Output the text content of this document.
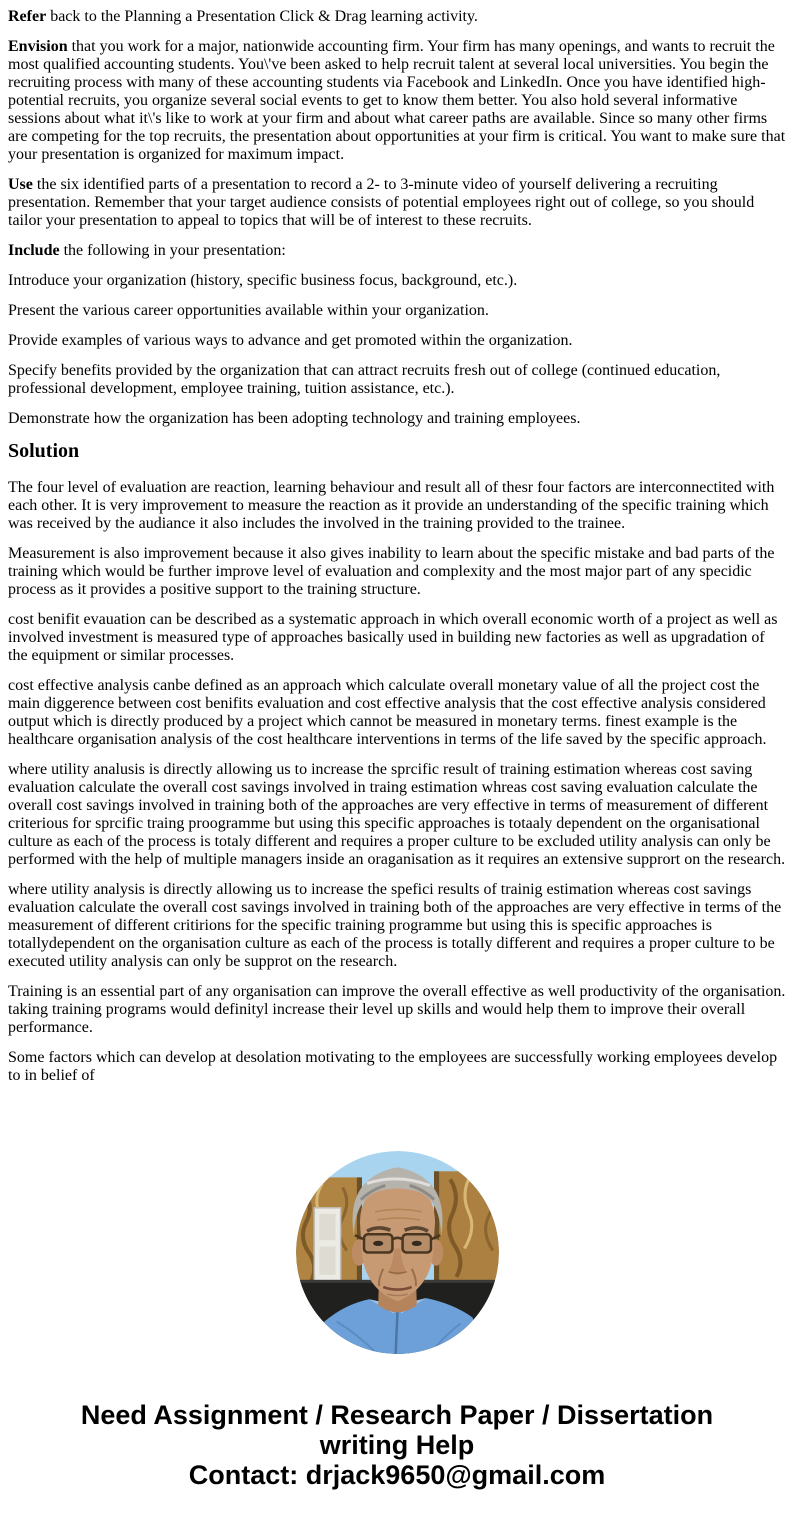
Refer back to the Planning a Presentation Click & Drag learning activity.

Envision that you work for a major, nationwide accounting firm. Your firm has many openings, and wants to recruit the most qualified accounting students. You\'ve been asked to help recruit talent at several local universities. You begin the recruiting process with many of these accounting students via Facebook and LinkedIn. Once you have identified high-potential recruits, you organize several social events to get to know them better. You also hold several informative sessions about what it\'s like to work at your firm and about what career paths are available. Since so many other firms are competing for the top recruits, the presentation about opportunities at your firm is critical. You want to make sure that your presentation is organized for maximum impact.

Use the six identified parts of a presentation to record a 2- to 3-minute video of yourself delivering a recruiting presentation. Remember that your target audience consists of potential employees right out of college, so you should tailor your presentation to appeal to topics that will be of interest to these recruits.

Include the following in your presentation:

Introduce your organization (history, specific business focus, background, etc.).

Present the various career opportunities available within your organization.

Provide examples of various ways to advance and get promoted within the organization.

Specify benefits provided by the organization that can attract recruits fresh out of college (continued education, professional development, employee training, tuition assistance, etc.).

Demonstrate how the organization has been adopting technology and training employees.

Solution

The four level of evaluation are reaction, learning behaviour and result all of thesr four factors are interconnectited with each other. It is very improvement to measure the reaction as it provide an understanding of the specific training which was received by the audiance it also includes the involved in the training provided to the trainee.

Measurement is also improvement because it also gives inability to learn about the specific mistake and bad parts of the training which would be further improve level of evaluation and complexity and the most major part of any specidic process as it provides a positive support to the training structure.

cost benifit evauation can be described as a systematic approach in which overall economic worth of a project as well as involved investment is measured type of approaches basically used in building new factories as well as upgradation of the equipment or similar processes.

cost effective analysis canbe defined as an approach which calculate overall monetary value of all the project cost the main diggerence between cost benifits evaluation and cost effective analysis that the cost effective analysis considered output which is directly produced by a project which cannot be measured in monetary terms. finest example is the healthcare organisation analysis of the cost healthcare interventions in terms of the life saved by the specific approach.

where utility analusis is directly allowing us to increase the sprcific result of training estimation whereas cost saving evaluation calculate the overall cost savings involved in traing estimation whreas cost saving evaluation calculate the overall cost savings involved in training both of the approaches are very effective in terms of measurement of different criterious for sprcific traing proogramme but using this specific approaches is totaaly dependent on the organisational culture as each of the process is totaly different and requires a proper culture to be excluded utility analysis can only be performed with the help of multiple managers inside an oraganisation as it requires an extensive supprort on the research.

where utility analysis is directly allowing us to increase the spefici results of trainig estimation whereas cost savings evaluation calculate the overall cost savings involved in training both of the approaches are very effective in terms of the measurement of different critirions for the specific training programme but using this is specific approaches is totallydependent on the organisation culture as each of the process is totally different and requires a proper culture to be executed utility analysis can only be supprot on the research.

Training is an essential part of any organisation can improve the overall effective as well productivity of the organisation. taking training programs would definityl increase their level up skills and would help them to improve their overall performance.

Some factors which can develop at desolation motivating to the employees are successfully working employees develop to in belief of

Need Assignment / Research Paper / Dissertation
writing Help
Contact: drjack9650@gmail.com
